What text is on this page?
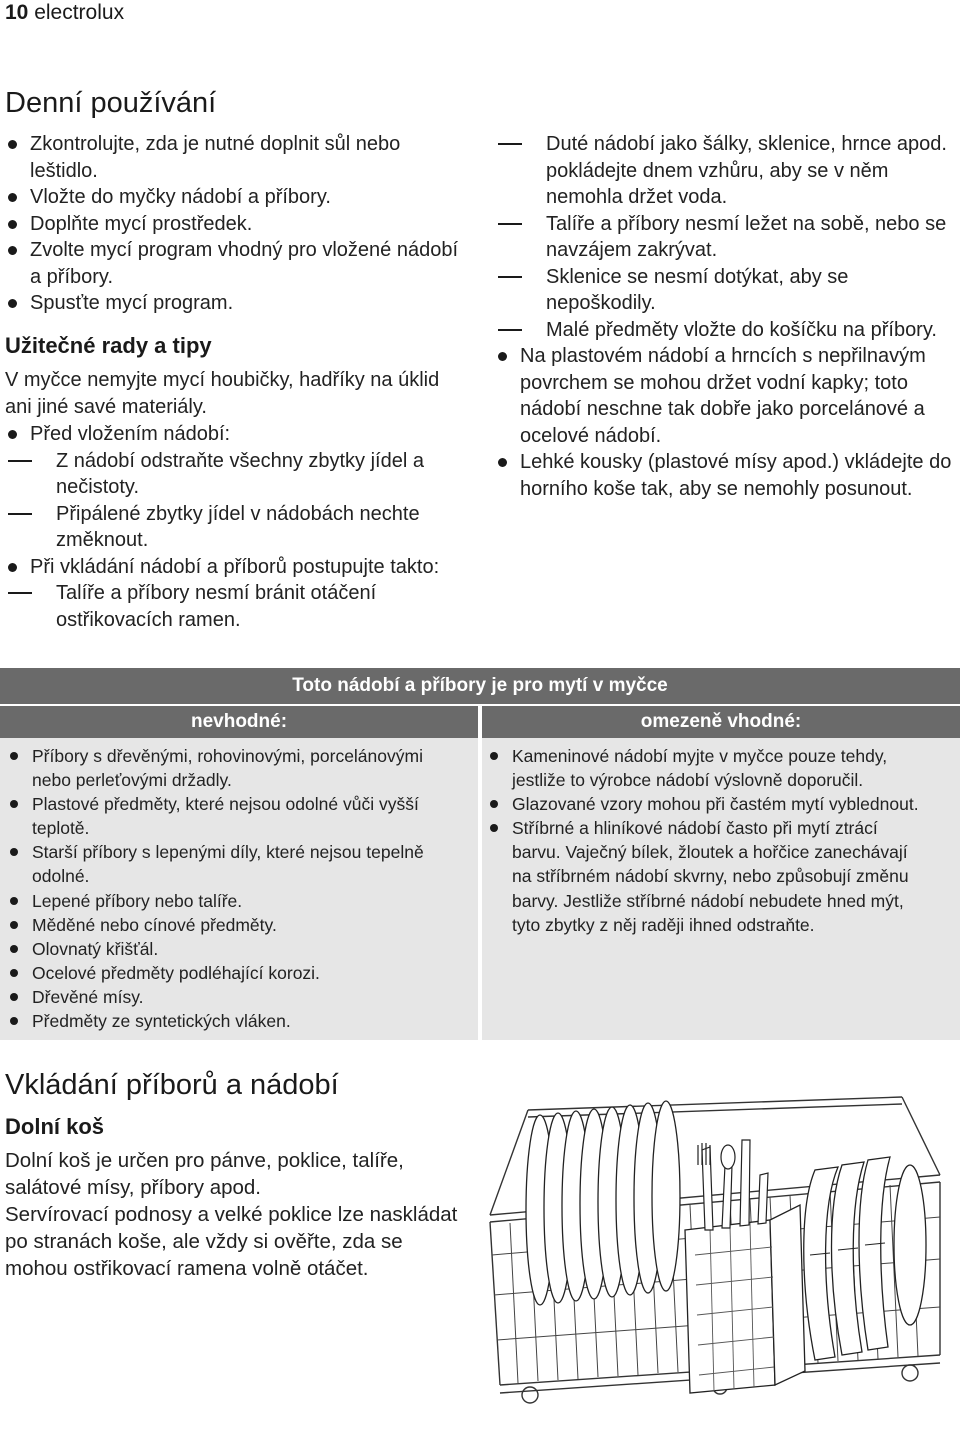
10 electrolux
Denní používání
Zkontrolujte, zda je nutné doplnit sůl nebo leštidlo.
Vložte do myčky nádobí a příbory.
Doplňte mycí prostředek.
Zvolte mycí program vhodný pro vložené nádobí a příbory.
Spusťte mycí program.
Užitečné rady a tipy
V myčce nemyjte mycí houbičky, hadříky na úklid ani jiné savé materiály.
Před vložením nádobí:
Z nádobí odstraňte všechny zbytky jídel a nečistoty.
Připálené zbytky jídel v nádobách nechte změknout.
Při vkládání nádobí a příborů postupujte takto:
Talíře a příbory nesmí bránit otáčení ostřikovacích ramen.
Duté nádobí jako šálky, sklenice, hrnce apod. pokládejte dnem vzhůru, aby se v něm nemohla držet voda.
Talíře a příbory nesmí ležet na sobě, nebo se navzájem zakrývat.
Sklenice se nesmí dotýkat, aby se nepoškodily.
Malé předměty vložte do košíčku na příbory.
Na plastovém nádobí a hrncích s nepřilnavým povrchem se mohou držet vodní kapky; toto nádobí neschne tak dobře jako porcelánové a ocelové nádobí.
Lehké kousky (plastové mísy apod.) vkládejte do horního koše tak, aby se nemohly posunout.
Toto nádobí a příbory je pro mytí v myčce
nevhodné:	omezeně vhodné:
Příbory s dřevěnými, rohovinovými, porcelánovými nebo perleťovými držadly.
Plastové předměty, které nejsou odolné vůči vyšší teplotě.
Starší příbory s lepenými díly, které nejsou tepelně odolné.
Lepené příbory nebo talíře.
Měděné nebo cínové předměty.
Olovnatý křišťál.
Ocelové předměty podléhající korozi.
Dřevěné mísy.
Předměty ze syntetických vláken.
Kameninové nádobí myjte v myčce pouze tehdy, jestliže to výrobce nádobí výslovně doporučil.
Glazované vzory mohou při častém mytí vyblednout.
Stříbrné a hliníkové nádobí často při mytí ztrácí barvu. Vaječný bílek, žloutek a hořčice zanechávají na stříbrném nádobí skvrny, nebo způsobují změnu barvy. Jestliže stříbrné nádobí nebudete hned mýt, tyto zbytky z něj raději ihned odstraňte.
Vkládání příborů a nádobí
Dolní koš
Dolní koš je určen pro pánve, poklice, talíře, salátové mísy, příbory apod.
Servírovací podnosy a velké poklice lze naskládat po stranách koše, ale vždy si ověřte, zda se mohou ostřikovací ramena volně otáčet.
